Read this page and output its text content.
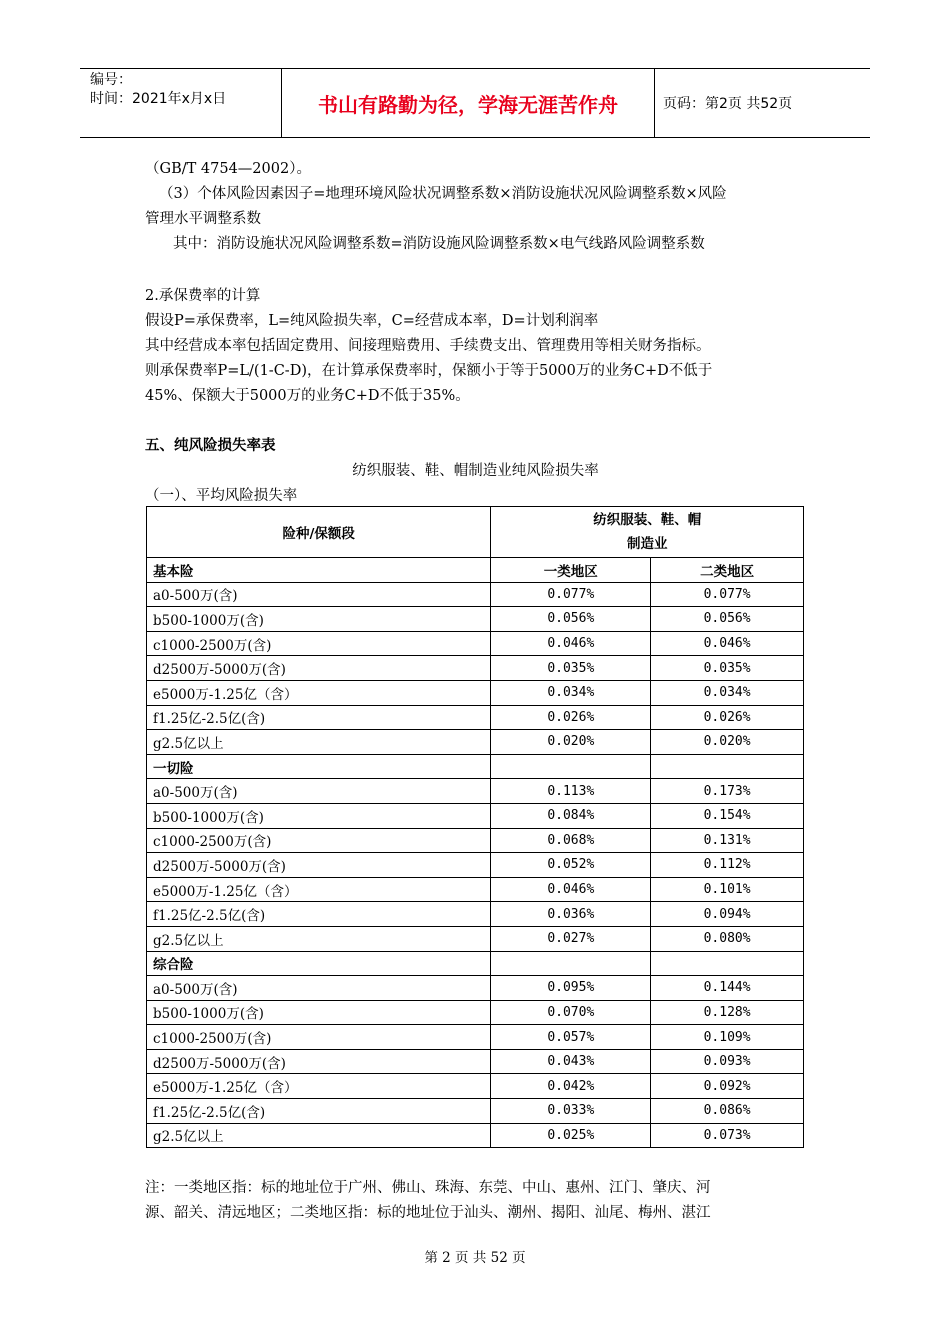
编号：
时间：2021年x月x日	书山有路勤为径，学海无涯苦作舟	页码：第2页 共52页

（GB/T 4754—2002）。

（3）个体风险因素因子=地理环境风险状况调整系数×消防设施状况风险调整系数×风险

管理水平调整系数

其中：消防设施状况风险调整系数=消防设施风险调整系数×电气线路风险调整系数

2.承保费率的计算

假设P=承保费率，L=纯风险损失率，C=经营成本率，D=计划利润率

其中经营成本率包括固定费用、间接理赔费用、手续费支出、管理费用等相关财务指标。

则承保费率P=L/(1-C-D)，在计算承保费率时，保额小于等于5000万的业务C+D不低于

45%、保额大于5000万的业务C+D不低于35%。

五、纯风险损失率表

纺织服装、鞋、帽制造业纯风险损失率

（一）、平均风险损失率

险种/保额段	纺织服装、鞋、帽
制造业	

基本险	一类地区	二类地区
a0-500万(含)	0.077%	0.077%
b500-1000万(含)	0.056%	0.056%
c1000-2500万(含)	0.046%	0.046%
d2500万-5000万(含)	0.035%	0.035%
e5000万-1.25亿（含）	0.034%	0.034%
f1.25亿-2.5亿(含)	0.026%	0.026%
g2.5亿以上	0.020%	0.020%
一切险		
a0-500万(含)	0.113%	0.173%
b500-1000万(含)	0.084%	0.154%
c1000-2500万(含)	0.068%	0.131%
d2500万-5000万(含)	0.052%	0.112%
e5000万-1.25亿（含）	0.046%	0.101%
f1.25亿-2.5亿(含)	0.036%	0.094%
g2.5亿以上	0.027%	0.080%
综合险		
a0-500万(含)	0.095%	0.144%
b500-1000万(含)	0.070%	0.128%
c1000-2500万(含)	0.057%	0.109%
d2500万-5000万(含)	0.043%	0.093%
e5000万-1.25亿（含）	0.042%	0.092%
f1.25亿-2.5亿(含)	0.033%	0.086%
g2.5亿以上	0.025%	0.073%

注：一类地区指：标的地址位于广州、佛山、珠海、东莞、中山、惠州、江门、肇庆、河

源、韶关、清远地区；二类地区指：标的地址位于汕头、潮州、揭阳、汕尾、梅州、湛江

第 2 页 共 52 页
